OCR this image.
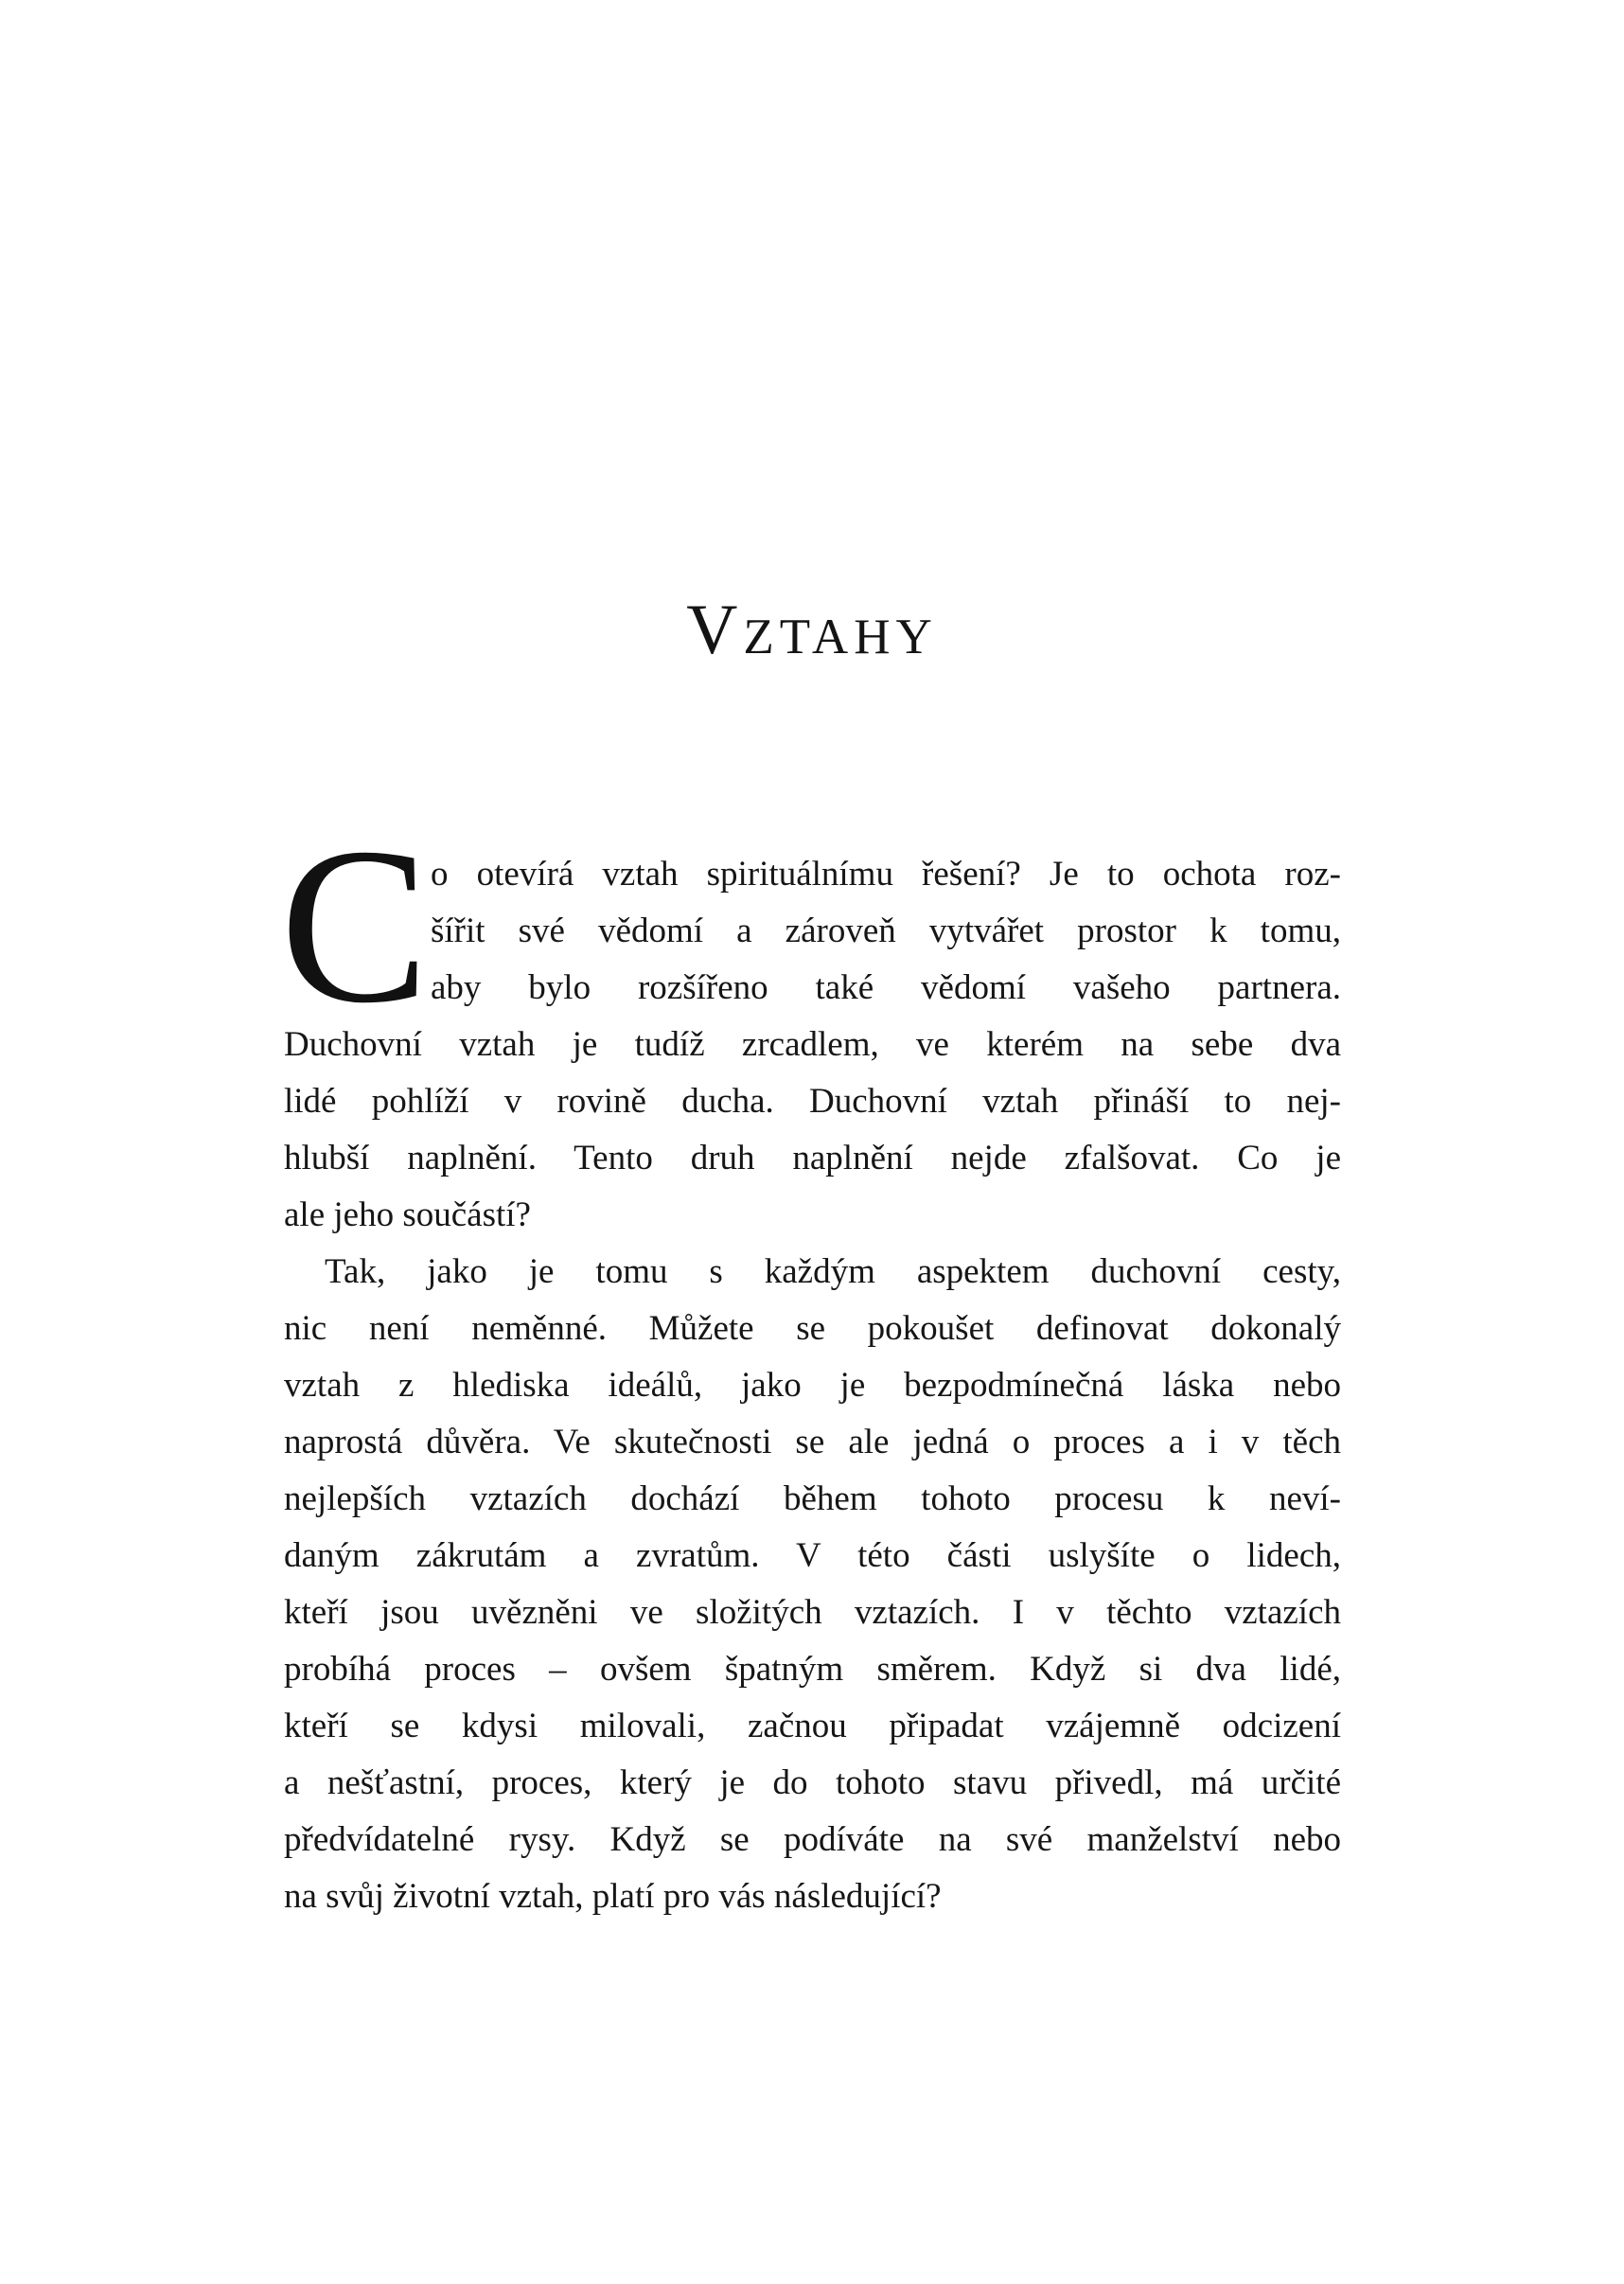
Vztahy
C o otevírá vztah spirituálnímu řešení? Je to ochota roz-
šířit své vědomí a zároveň vytvářet prostor k tomu,
aby bylo rozšířeno také vědomí vašeho partnera.
Duchovní vztah je tudíž zrcadlem, ve kterém na sebe dva
lidé pohlíží v rovině ducha. Duchovní vztah přináší to nej-
hlubší naplnění. Tento druh naplnění nejde zfalšovat. Co je
ale jeho součástí?
Tak, jako je tomu s každým aspektem duchovní cesty,
nic není neměnné. Můžete se pokoušet definovat dokonalý
vztah z hlediska ideálů, jako je bezpodmínečná láska nebo
naprostá důvěra. Ve skutečnosti se ale jedná o proces a i v těch
nejlepších vztazích dochází během tohoto procesu k neví-
daným zákrutám a zvratům. V této části uslyšíte o lidech,
kteří jsou uvězněni ve složitých vztazích. I v těchto vztazích
probíhá proces – ovšem špatným směrem. Když si dva lidé,
kteří se kdysi milovali, začnou připadat vzájemně odcizení
a nešťastní, proces, který je do tohoto stavu přivedl, má určité
předvídatelné rysy. Když se podíváte na své manželství nebo
na svůj životní vztah, platí pro vás následující?
